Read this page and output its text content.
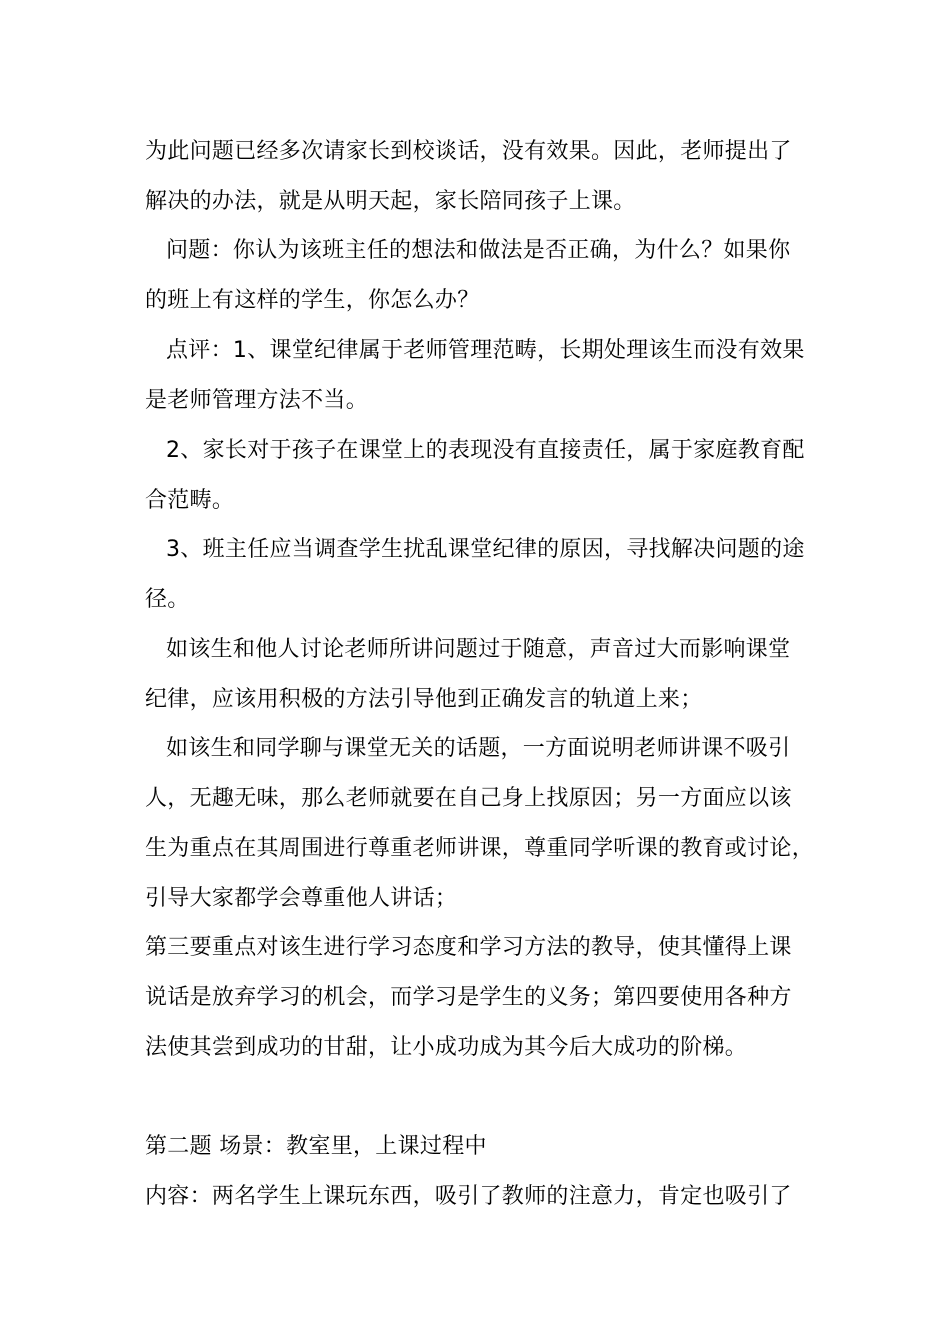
为此问题已经多次请家长到校谈话，没有效果。因此，老师提出了
解决的办法，就是从明天起，家长陪同孩子上课。
问题：你认为该班主任的想法和做法是否正确，为什么？如果你
的班上有这样的学生，你怎么办？
点评：1、课堂纪律属于老师管理范畴，长期处理该生而没有效果
是老师管理方法不当。
2、家长对于孩子在课堂上的表现没有直接责任，属于家庭教育配
合范畴。
3、班主任应当调查学生扰乱课堂纪律的原因，寻找解决问题的途
径。
如该生和他人讨论老师所讲问题过于随意，声音过大而影响课堂
纪律，应该用积极的方法引导他到正确发言的轨道上来；
如该生和同学聊与课堂无关的话题，一方面说明老师讲课不吸引
人，无趣无味，那么老师就要在自己身上找原因；另一方面应以该
生为重点在其周围进行尊重老师讲课，尊重同学听课的教育或讨论，
引导大家都学会尊重他人讲话；
第三要重点对该生进行学习态度和学习方法的教导，使其懂得上课
说话是放弃学习的机会，而学习是学生的义务；第四要使用各种方
法使其尝到成功的甘甜，让小成功成为其今后大成功的阶梯。
第二题 场景：教室里，上课过程中
内容：两名学生上课玩东西，吸引了教师的注意力，肯定也吸引了
